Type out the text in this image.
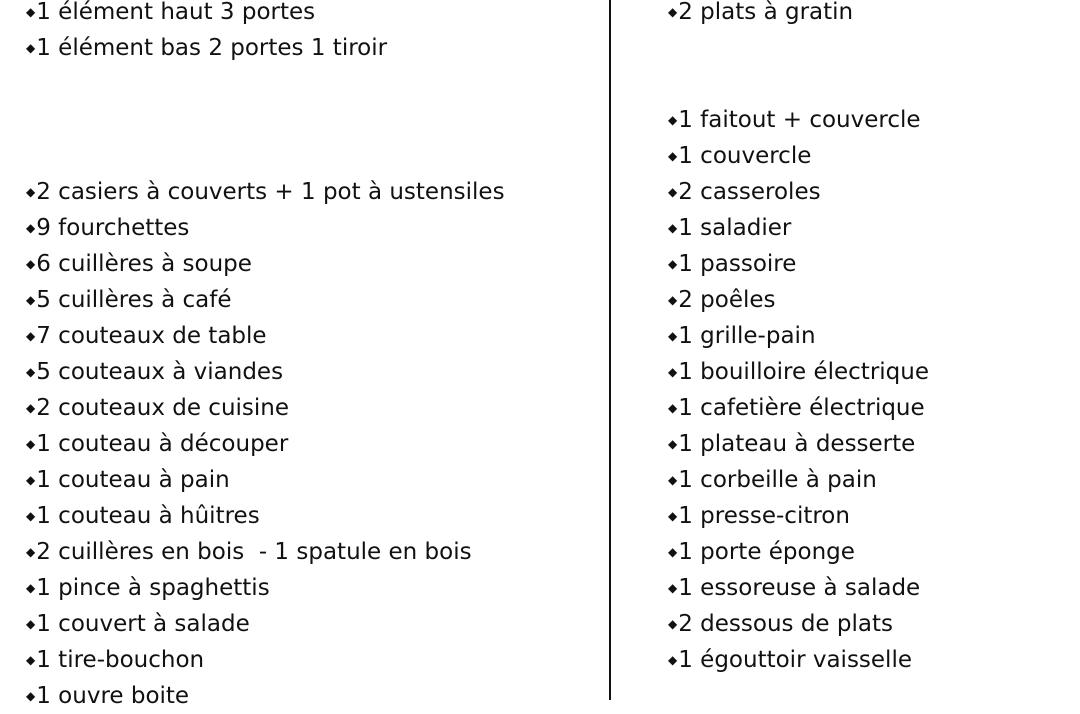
◆1 élément haut 3 portes
◆1 élément bas 2 portes 1 tiroir
◆2 casiers à couverts + 1 pot à ustensiles
◆9 fourchettes
◆6 cuillères à soupe
◆5 cuillères à café
◆7 couteaux de table
◆5 couteaux à viandes
◆2 couteaux de cuisine
◆1 couteau à découper
◆1 couteau à pain
◆1 couteau à hûitres
◆2 cuillères en bois  - 1 spatule en bois
◆1 pince à spaghettis
◆1 couvert à salade
◆1 tire-bouchon
◆1 ouvre boite
◆2 plats à gratin
◆1 faitout + couvercle
◆1 couvercle
◆2 casseroles
◆1 saladier
◆1 passoire
◆2 poêles
◆1 grille-pain
◆1 bouilloire électrique
◆1 cafetière électrique
◆1 plateau à desserte
◆1 corbeille à pain
◆1 presse-citron
◆1 porte éponge
◆1 essoreuse à salade
◆2 dessous de plats
◆1 égouttoir vaisselle
